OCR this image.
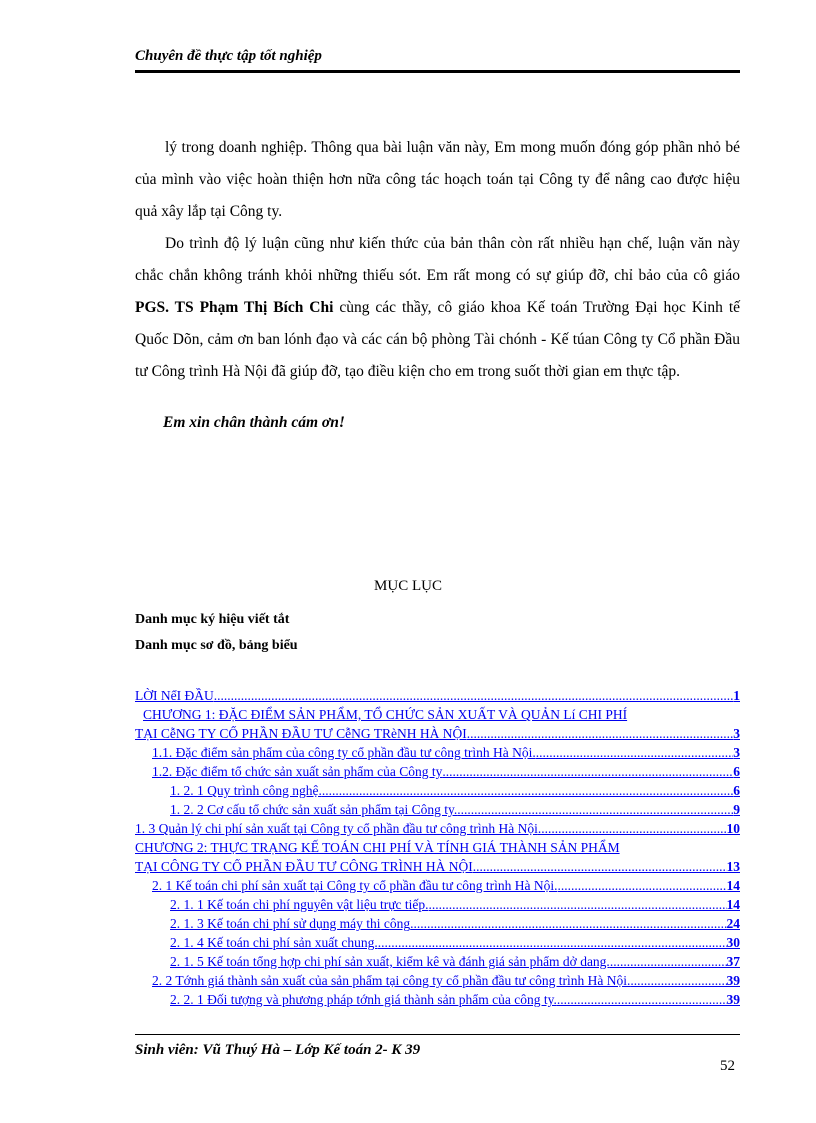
Chuyên đề thực tập tốt nghiệp

lý trong doanh nghiệp. Thông qua bài luận văn này, Em mong muốn đóng góp phần nhỏ bé của mình vào việc hoàn thiện hơn nữa công tác hoạch toán tại Công ty để nâng cao được hiệu quả xây lắp tại Công ty.

Do trình độ lý luận cũng như kiến thức của bản thân còn rất nhiều hạn chế, luận văn này chắc chắn không tránh khỏi những thiếu sót. Em rất mong có sự giúp đỡ, chỉ bảo của cô giáo PGS. TS Phạm Thị Bích Chi cùng các thầy, cô giáo khoa Kế toán Trường Đại học Kinh tế Quốc Dõn, cảm ơn ban lónh đạo và các cán bộ phòng Tài chónh - Kế túan Công ty Cổ phần Đầu tư Công trình Hà Nội đã giúp đỡ, tạo điều kiện cho em trong suốt thời gian em thực tập.

Em xin chân thành cám ơn!
MỤC LỤC
Danh mục ký hiệu viết tắt
Danh mục sơ đồ, bảng biểu
LỜI NểI ĐẦU .....	1
CHƯƠNG 1: ĐẶC ĐIỂM SẢN PHẨM, TỔ CHỨC SẢN XUẤT VÀ QUẢN Lí CHI PHÍ
TẠI CễNG TY CỔ PHẦN ĐẦU TƯ CễNG TRèNH HÀ NỘI .....	3
1.1. Đặc điểm sản phẩm của công ty cổ phần đầu tư công trình Hà Nội. .....	3
1.2. Đặc điểm tổ chức sản xuất sản phẩm của Công ty .....	6
1. 2. 1 Quy trình công nghệ. .....	6
1. 2. 2 Cơ cấu tổ chức sản xuất sản phẩm tại Công ty. .....	9
1. 3 Quản lý chi phí sản xuất tại Công ty cổ phần đầu tư công trình Hà Nội .....	10
CHƯƠNG 2: THỰC TRẠNG KẾ TOÁN CHI PHÍ VÀ TÍNH GIÁ THÀNH SẢN PHẨM
TẠI CÔNG TY CỔ PHẦN ĐẦU TƯ CÔNG TRÌNH HÀ NỘI .....	13
2. 1 Kế toán chi phí sản xuất tại Công ty cổ phần đầu tư công trình Hà Nội. .....	14
2. 1. 1 Kế toán chi phí nguyên vật liệu trực tiếp. .....	14
2. 1. 3 Kế toán chi phí sử dụng máy thi công .....	24
2. 1. 4 Kế toán chi phí sản xuất chung. .....	30
2. 1. 5 Kế toán tổng hợp chi phí sản xuất, kiểm kê và đánh giá sản phẩm dở dang. .....	37
2. 2 Tớnh giá thành sản xuất của sản phẩm tại công ty cổ phần đầu tư công trình Hà Nội. .....	39
2. 2. 1 Đối tượng và phương pháp tớnh giá thành sản phẩm của công ty. .....	39
Sinh viên: Vũ Thuý Hà – Lớp Kế toán 2- K 39
52
